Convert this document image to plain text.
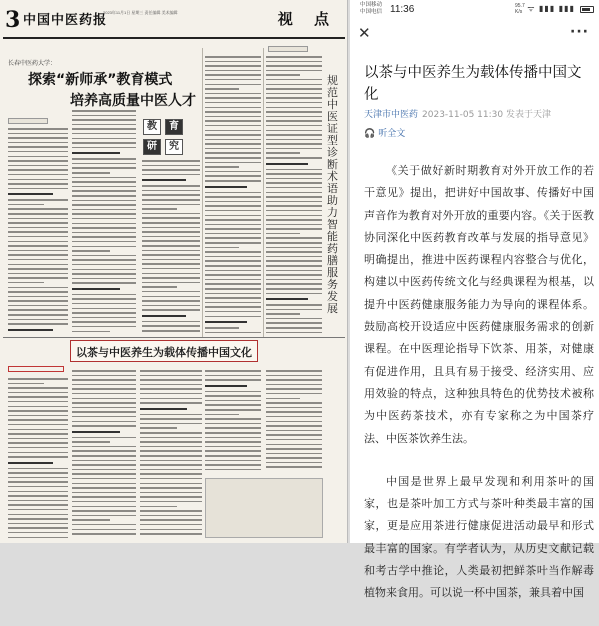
3 中国中医药报
2023年11月1日 星期三 责任编辑 美术编辑	视 点
长春中医药大学：
探索“新师承”教育模式
培养高质量中医人才
教	育
研	究
规范中医证型诊断术语 助力智能药膳服务发展
以茶与中医养生为载体传播中国文化
中国移动
中国电信 11:36	95.7
K/s ᯤ ▮▮▮ ▮▮▮
✕	···
以茶与中医养生为载体传播中国文化
天津市中医药 2023-11-05 11:30 发表于天津
🎧 听全文

《关于做好新时期教育对外开放工作的若干意见》提出，把讲好中国故事、传播好中国声音作为教育对外开放的重要内容。《关于医教协同深化中医药教育改革与发展的指导意见》明确提出，推进中医药课程内容整合与优化，构建以中医药传统文化与经典课程为根基，以提升中医药健康服务能力为导向的课程体系。鼓励高校开设适应中医药健康服务需求的创新课程。在中医理论指导下饮茶、用茶，对健康有促进作用，且具有易于接受、经济实用、应用效验的特点，这种独具特色的优势技术被称为中医药茶技术，亦有专家称之为中国茶疗法、中医茶饮养生法。

中国是世界上最早发现和利用茶叶的国家，也是茶叶加工方式与茶叶种类最丰富的国家，更是应用茶进行健康促进活动最早和形式最丰富的国家。有学者认为，从历史文献记载和考古学中推论，人类最初把鲜茶叶当作解毒植物来食用。可以说一杯中国茶，兼具着中国
